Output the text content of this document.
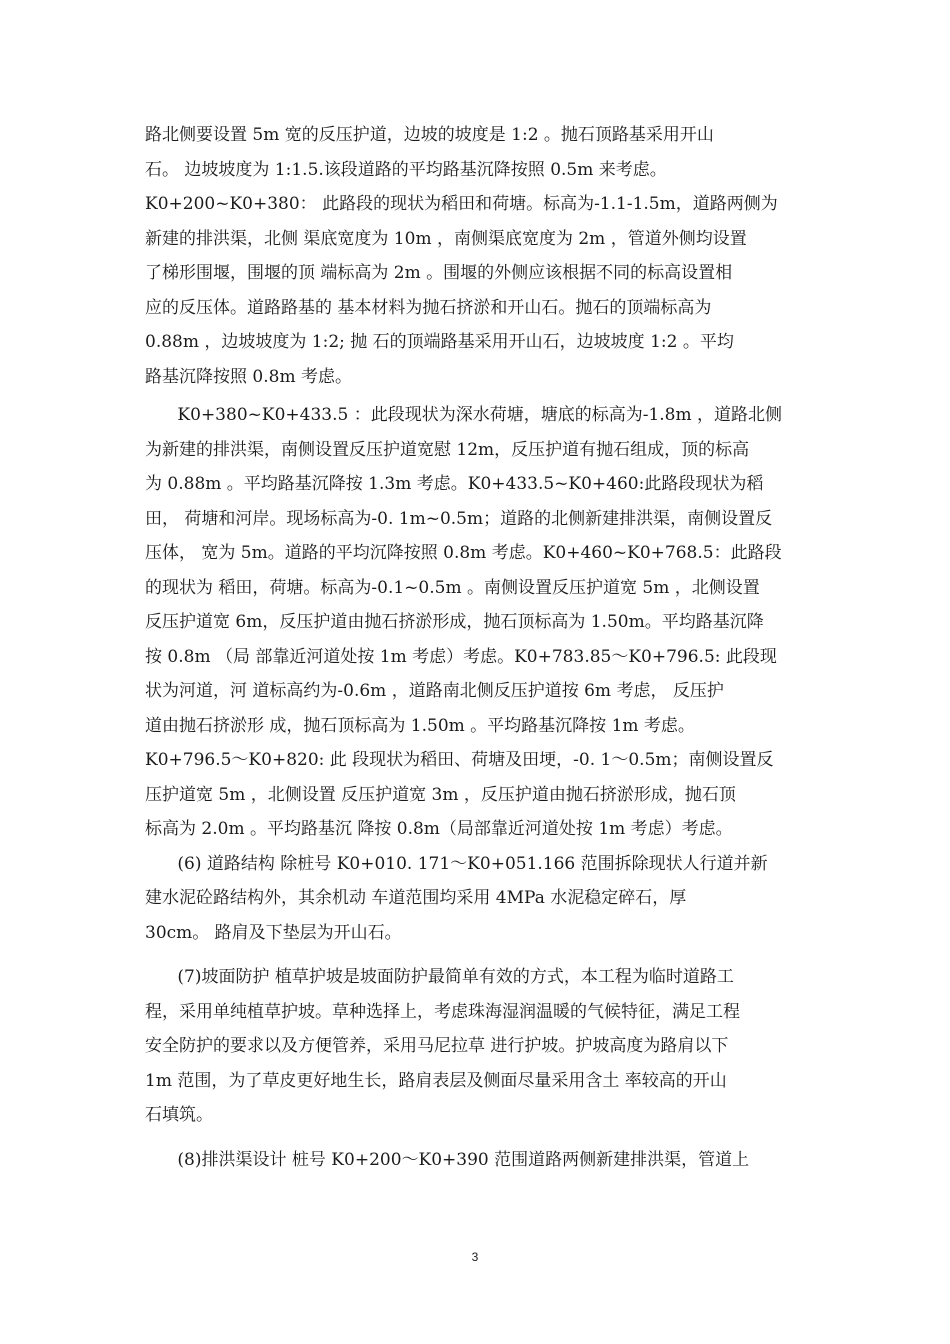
路北侧要设置 5m 宽的反压护道，边坡的坡度是 1:2 。抛石顶路基采用开山
石。 边坡坡度为 1:1.5.该段道路的平均路基沉降按照 0.5m 来考虑。

K0+200~K0+380： 此路段的现状为稻田和荷塘。标高为-1.1-1.5m，道路两侧为
新建的排洪渠，北侧 渠底宽度为 10m ，南侧渠底宽度为 2m ，管道外侧均设置
了梯形围堰，围堰的顶 端标高为 2m 。围堰的外侧应该根据不同的标高设置相
应的反压体。道路路基的 基本材料为抛石挤淤和开山石。抛石的顶端标高为
0.88m ，边坡坡度为 1:2; 抛 石的顶端路基采用开山石，边坡坡度 1:2 。平均
路基沉降按照 0.8m 考虑。

K0+380~K0+433.5 ：此段现状为深水荷塘，塘底的标高为-1.8m ，道路北侧
为新建的排洪渠，南侧设置反压护道宽慰 12m，反压护道有抛石组成，顶的标高
为 0.88m 。平均路基沉降按 1.3m 考虑。K0+433.5~K0+460:此路段现状为稻
田， 荷塘和河岸。现场标高为-0. 1m~0.5m；道路的北侧新建排洪渠，南侧设置反
压体， 宽为 5m。道路的平均沉降按照 0.8m 考虑。K0+460~K0+768.5：此路段
的现状为 稻田，荷塘。标高为-0.1~0.5m 。南侧设置反压护道宽 5m ，北侧设置
反压护道宽 6m，反压护道由抛石挤淤形成，抛石顶标高为 1.50m。平均路基沉降
按 0.8m （局 部靠近河道处按 1m 考虑）考虑。K0+783.85～K0+796.5: 此段现
状为河道，河 道标高约为-0.6m ，道路南北侧反压护道按 6m 考虑， 反压护
道由抛石挤淤形 成，抛石顶标高为 1.50m 。平均路基沉降按 1m 考虑。
K0+796.5～K0+820: 此 段现状为稻田、荷塘及田埂，-0. 1～0.5m；南侧设置反
压护道宽 5m ，北侧设置 反压护道宽 3m ，反压护道由抛石挤淤形成，抛石顶
标高为 2.0m 。平均路基沉 降按 0.8m（局部靠近河道处按 1m 考虑）考虑。

(6) 道路结构 除桩号 K0+010. 171～K0+051.166 范围拆除现状人行道并新
建水泥砼路结构外，其余机动 车道范围均采用 4MPa 水泥稳定碎石，厚
30cm。 路肩及下垫层为开山石。

(7)坡面防护 植草护坡是坡面防护最简单有效的方式，本工程为临时道路工
程，采用单纯植草护坡。草种选择上，考虑珠海湿润温暖的气候特征，满足工程
安全防护的要求以及方便管养，采用马尼拉草 进行护坡。护坡高度为路肩以下
1m 范围，为了草皮更好地生长，路肩表层及侧面尽量采用含土 率较高的开山
石填筑。

(8)排洪渠设计 桩号 K0+200～K0+390 范围道路两侧新建排洪渠，管道上

3
